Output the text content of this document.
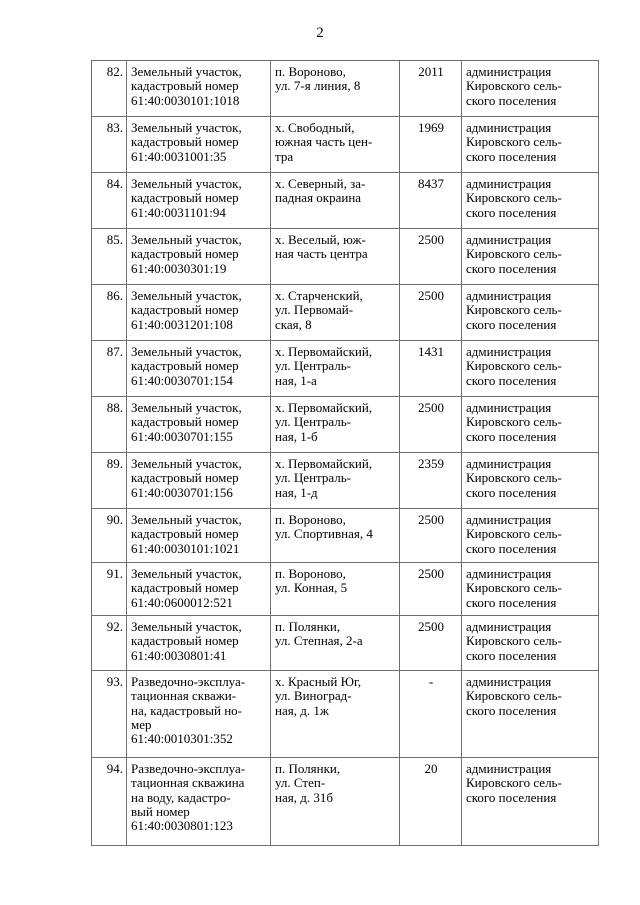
2
82.	Земельный участок,
кадастровый номер
61:40:0030101:1018	п. Вороново,
ул. 7-я линия, 8	2011	администрация
Кировского сель-
ского поселения
83.	Земельный участок,
кадастровый номер
61:40:0031001:35	х. Свободный,
южная часть цен-
тра	1969	администрация
Кировского сель-
ского поселения
84.	Земельный участок,
кадастровый номер
61:40:0031101:94	х. Северный, за-
падная окраина	8437	администрация
Кировского сель-
ского поселения
85.	Земельный участок,
кадастровый номер
61:40:0030301:19	х. Веселый, юж-
ная часть центра	2500	администрация
Кировского сель-
ского поселения
86.	Земельный участок,
кадастровый номер
61:40:0031201:108	х. Старченский,
ул. Первомай-
ская, 8	2500	администрация
Кировского сель-
ского поселения
87.	Земельный участок,
кадастровый номер
61:40:0030701:154	х. Первомайский,
ул. Централь-
ная, 1-а	1431	администрация
Кировского сель-
ского поселения
88.	Земельный участок,
кадастровый номер
61:40:0030701:155	х. Первомайский,
ул. Централь-
ная, 1-б	2500	администрация
Кировского сель-
ского поселения
89.	Земельный участок,
кадастровый номер
61:40:0030701:156	х. Первомайский,
ул. Централь-
ная, 1-д	2359	администрация
Кировского сель-
ского поселения
90.	Земельный участок,
кадастровый номер
61:40:0030101:1021	п. Вороново,
ул. Спортивная, 4	2500	администрация
Кировского сель-
ского поселения
91.	Земельный участок,
кадастровый номер
61:40:0600012:521	п. Вороново,
ул. Конная, 5	2500	администрация
Кировского сель-
ского поселения
92.	Земельный участок,
кадастровый номер
61:40:0030801:41	п. Полянки,
ул. Степная, 2-а	2500	администрация
Кировского сель-
ского поселения
93.	Разведочно-эксплуа-
тационная скважи-
на, кадастровый но-
мер
61:40:0010301:352	х. Красный Юг,
ул. Виноград-
ная, д. 1ж	-	администрация
Кировского сель-
ского поселения
94.	Разведочно-эксплуа-
тационная скважина
на воду, кадастро-
вый номер
61:40:0030801:123	п. Полянки,
ул. Степ-
ная, д. 31б	20	администрация
Кировского сель-
ского поселения
